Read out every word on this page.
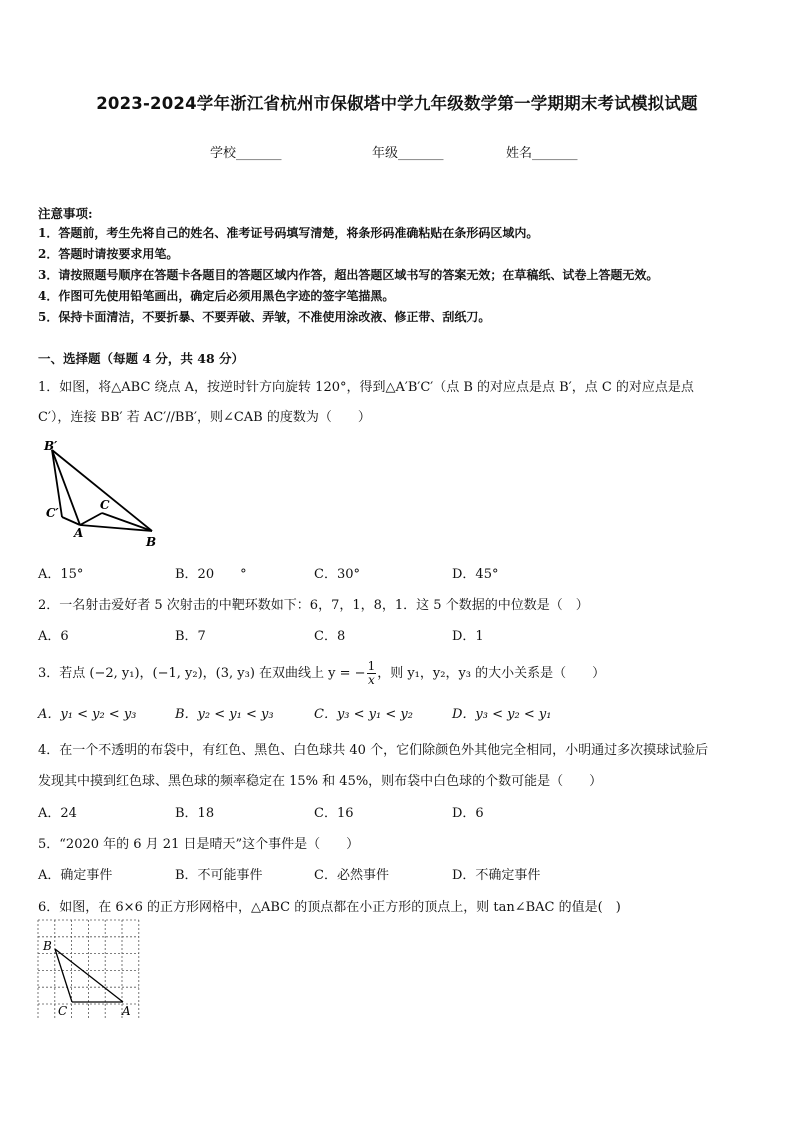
2023-2024学年浙江省杭州市保俶塔中学九年级数学第一学期期末考试模拟试题
学校_______	年级_______	姓名_______
注意事项:
1．答题前，考生先将自己的姓名、准考证号码填写清楚，将条形码准确粘贴在条形码区域内。
2．答题时请按要求用笔。
3．请按照题号顺序在答题卡各题目的答题区域内作答，超出答题区域书写的答案无效；在草稿纸、试卷上答题无效。
4．作图可先使用铅笔画出，确定后必须用黑色字迹的签字笔描黑。
5．保持卡面清洁，不要折暴、不要弄破、弄皱，不准使用涂改液、修正带、刮纸刀。
一、选择题（每题 4 分，共 48 分）
1．如图，将△ABC 绕点 A，按逆时针方向旋转 120°，得到△A′B′C′（点 B 的对应点是点 B′，点 C 的对应点是点
C′），连接 BB′ 若 AC′//BB′，则∠CAB 的度数为（　　）
B′
C′
A
C
B
A．15°	B．20　　°	C．30°	D．45°
2．一名射击爱好者 5 次射击的中靶环数如下：6，7，1，8，1．这 5 个数据的中位数是（　）
A．6	B．7	C．8	D．1
3．若点 (−2, y₁)，(−1, y₂)，(3, y₃) 在双曲线上 y = − $\frac{1}{x}$ ，则 y₁，y₂，y₃ 的大小关系是（　　）
A．y₁ < y₂ < y₃	B．y₂ < y₁ < y₃	C．y₃ < y₁ < y₂	D．y₃ < y₂ < y₁
4．在一个不透明的布袋中，有红色、黑色、白色球共 40 个，它们除颜色外其他完全相同，小明通过多次摸球试验后
发现其中摸到红色球、黑色球的频率稳定在 15% 和 45%，则布袋中白色球的个数可能是（　　）
A．24	B．18	C．16	D．6
5．“2020 年的 6 月 21 日是晴天”这个事件是（　　）
A．确定事件	B．不可能事件	C．必然事件	D．不确定事件
6．如图，在 6×6 的正方形网格中，△ABC 的顶点都在小正方形的顶点上，则 tan∠BAC 的值是(　)
B
C	A
